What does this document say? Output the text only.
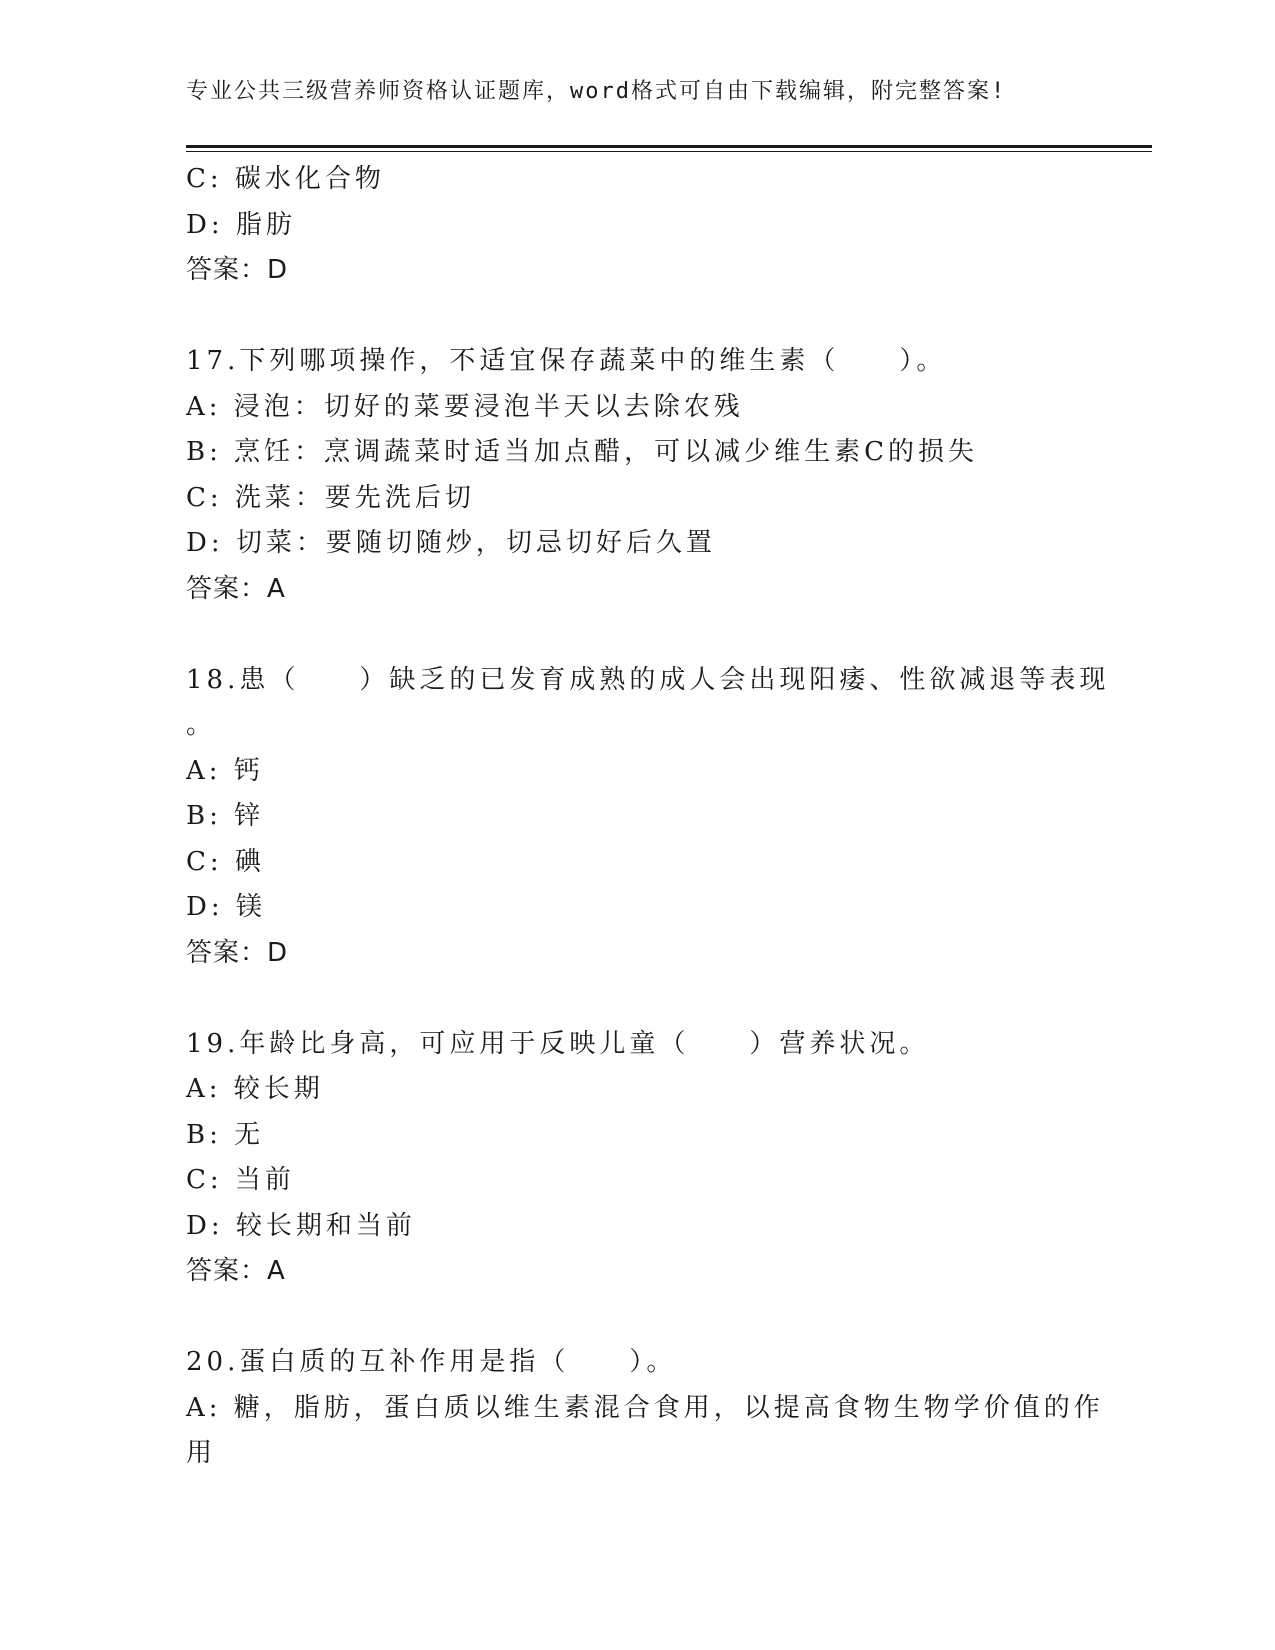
专业公共三级营养师资格认证题库，word格式可自由下载编辑，附完整答案!
C: 碳水化合物
D: 脂肪
答案：D
17.下列哪项操作，不适宜保存蔬菜中的维生素（　　）。
A: 浸泡：切好的菜要浸泡半天以去除农残
B: 烹饪：烹调蔬菜时适当加点醋，可以减少维生素C的损失
C: 洗菜：要先洗后切
D: 切菜：要随切随炒，切忌切好后久置
答案：A
18.患（　　）缺乏的已发育成熟的成人会出现阳痿、性欲减退等表现
。
A: 钙
B: 锌
C: 碘
D: 镁
答案：D
19.年龄比身高，可应用于反映儿童（　　）营养状况。
A: 较长期
B: 无
C: 当前
D: 较长期和当前
答案：A
20.蛋白质的互补作用是指（　　）。
A: 糖，脂肪，蛋白质以维生素混合食用，以提高食物生物学价值的作
用
